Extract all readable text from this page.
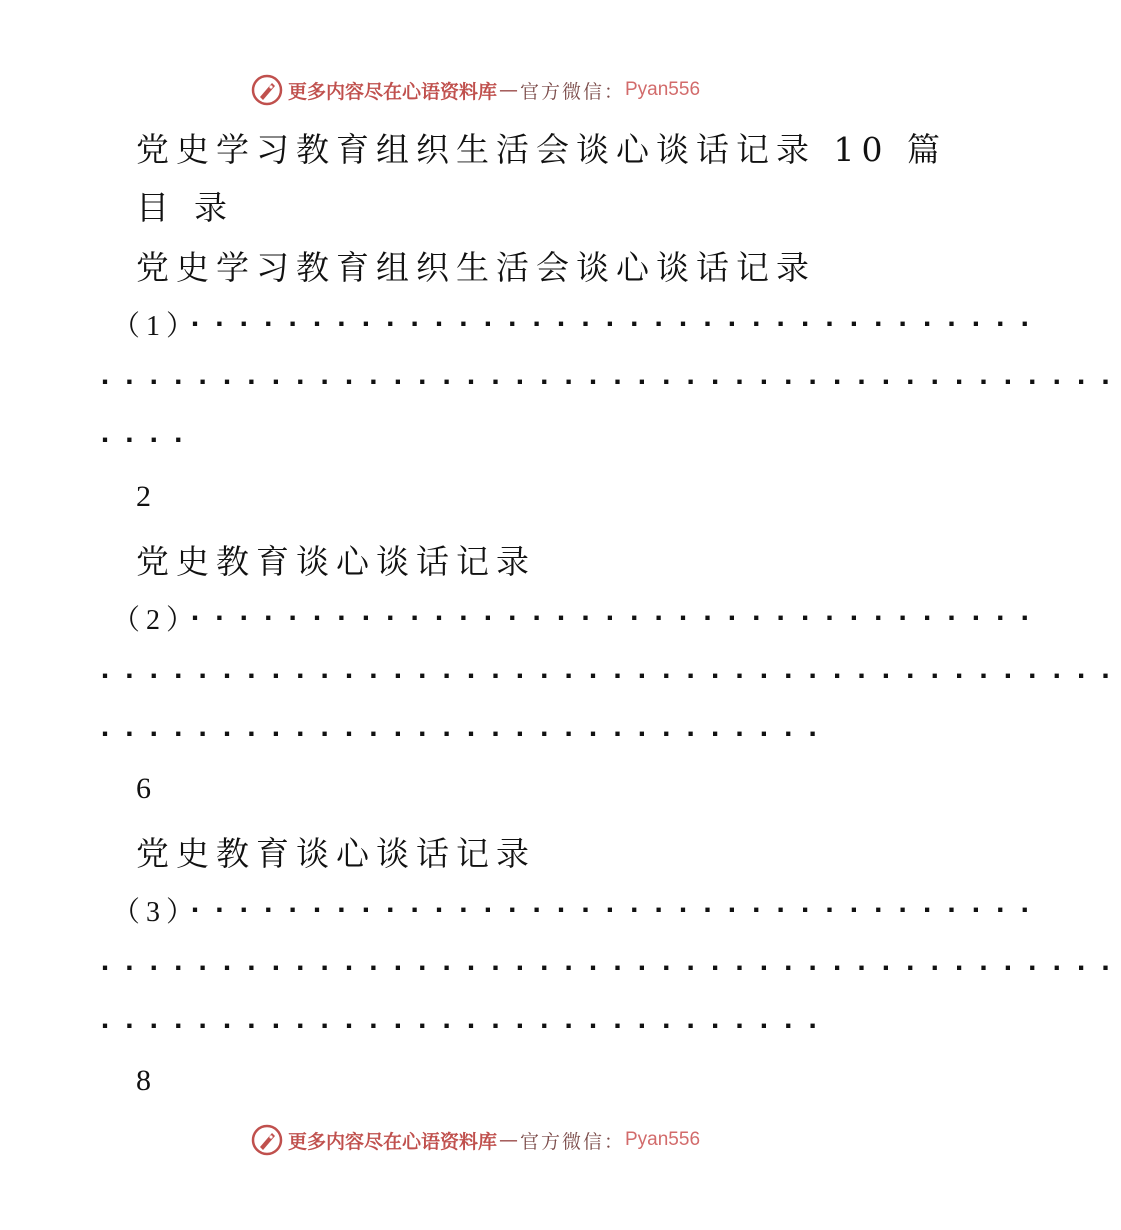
更多内容尽在心语资料库 — 官方微信： Pyan556
党史学习教育组织生活会谈心谈话记录 10 篇
目 录
党史学习教育组织生活会谈心谈话记录
（1）
...................................
..........................................
....
2
党史教育谈心谈话记录
（2）
...................................
..........................................
..............................
6
党史教育谈心谈话记录
（3）
...................................
..........................................
..............................
8
更多内容尽在心语资料库 — 官方微信： Pyan556
